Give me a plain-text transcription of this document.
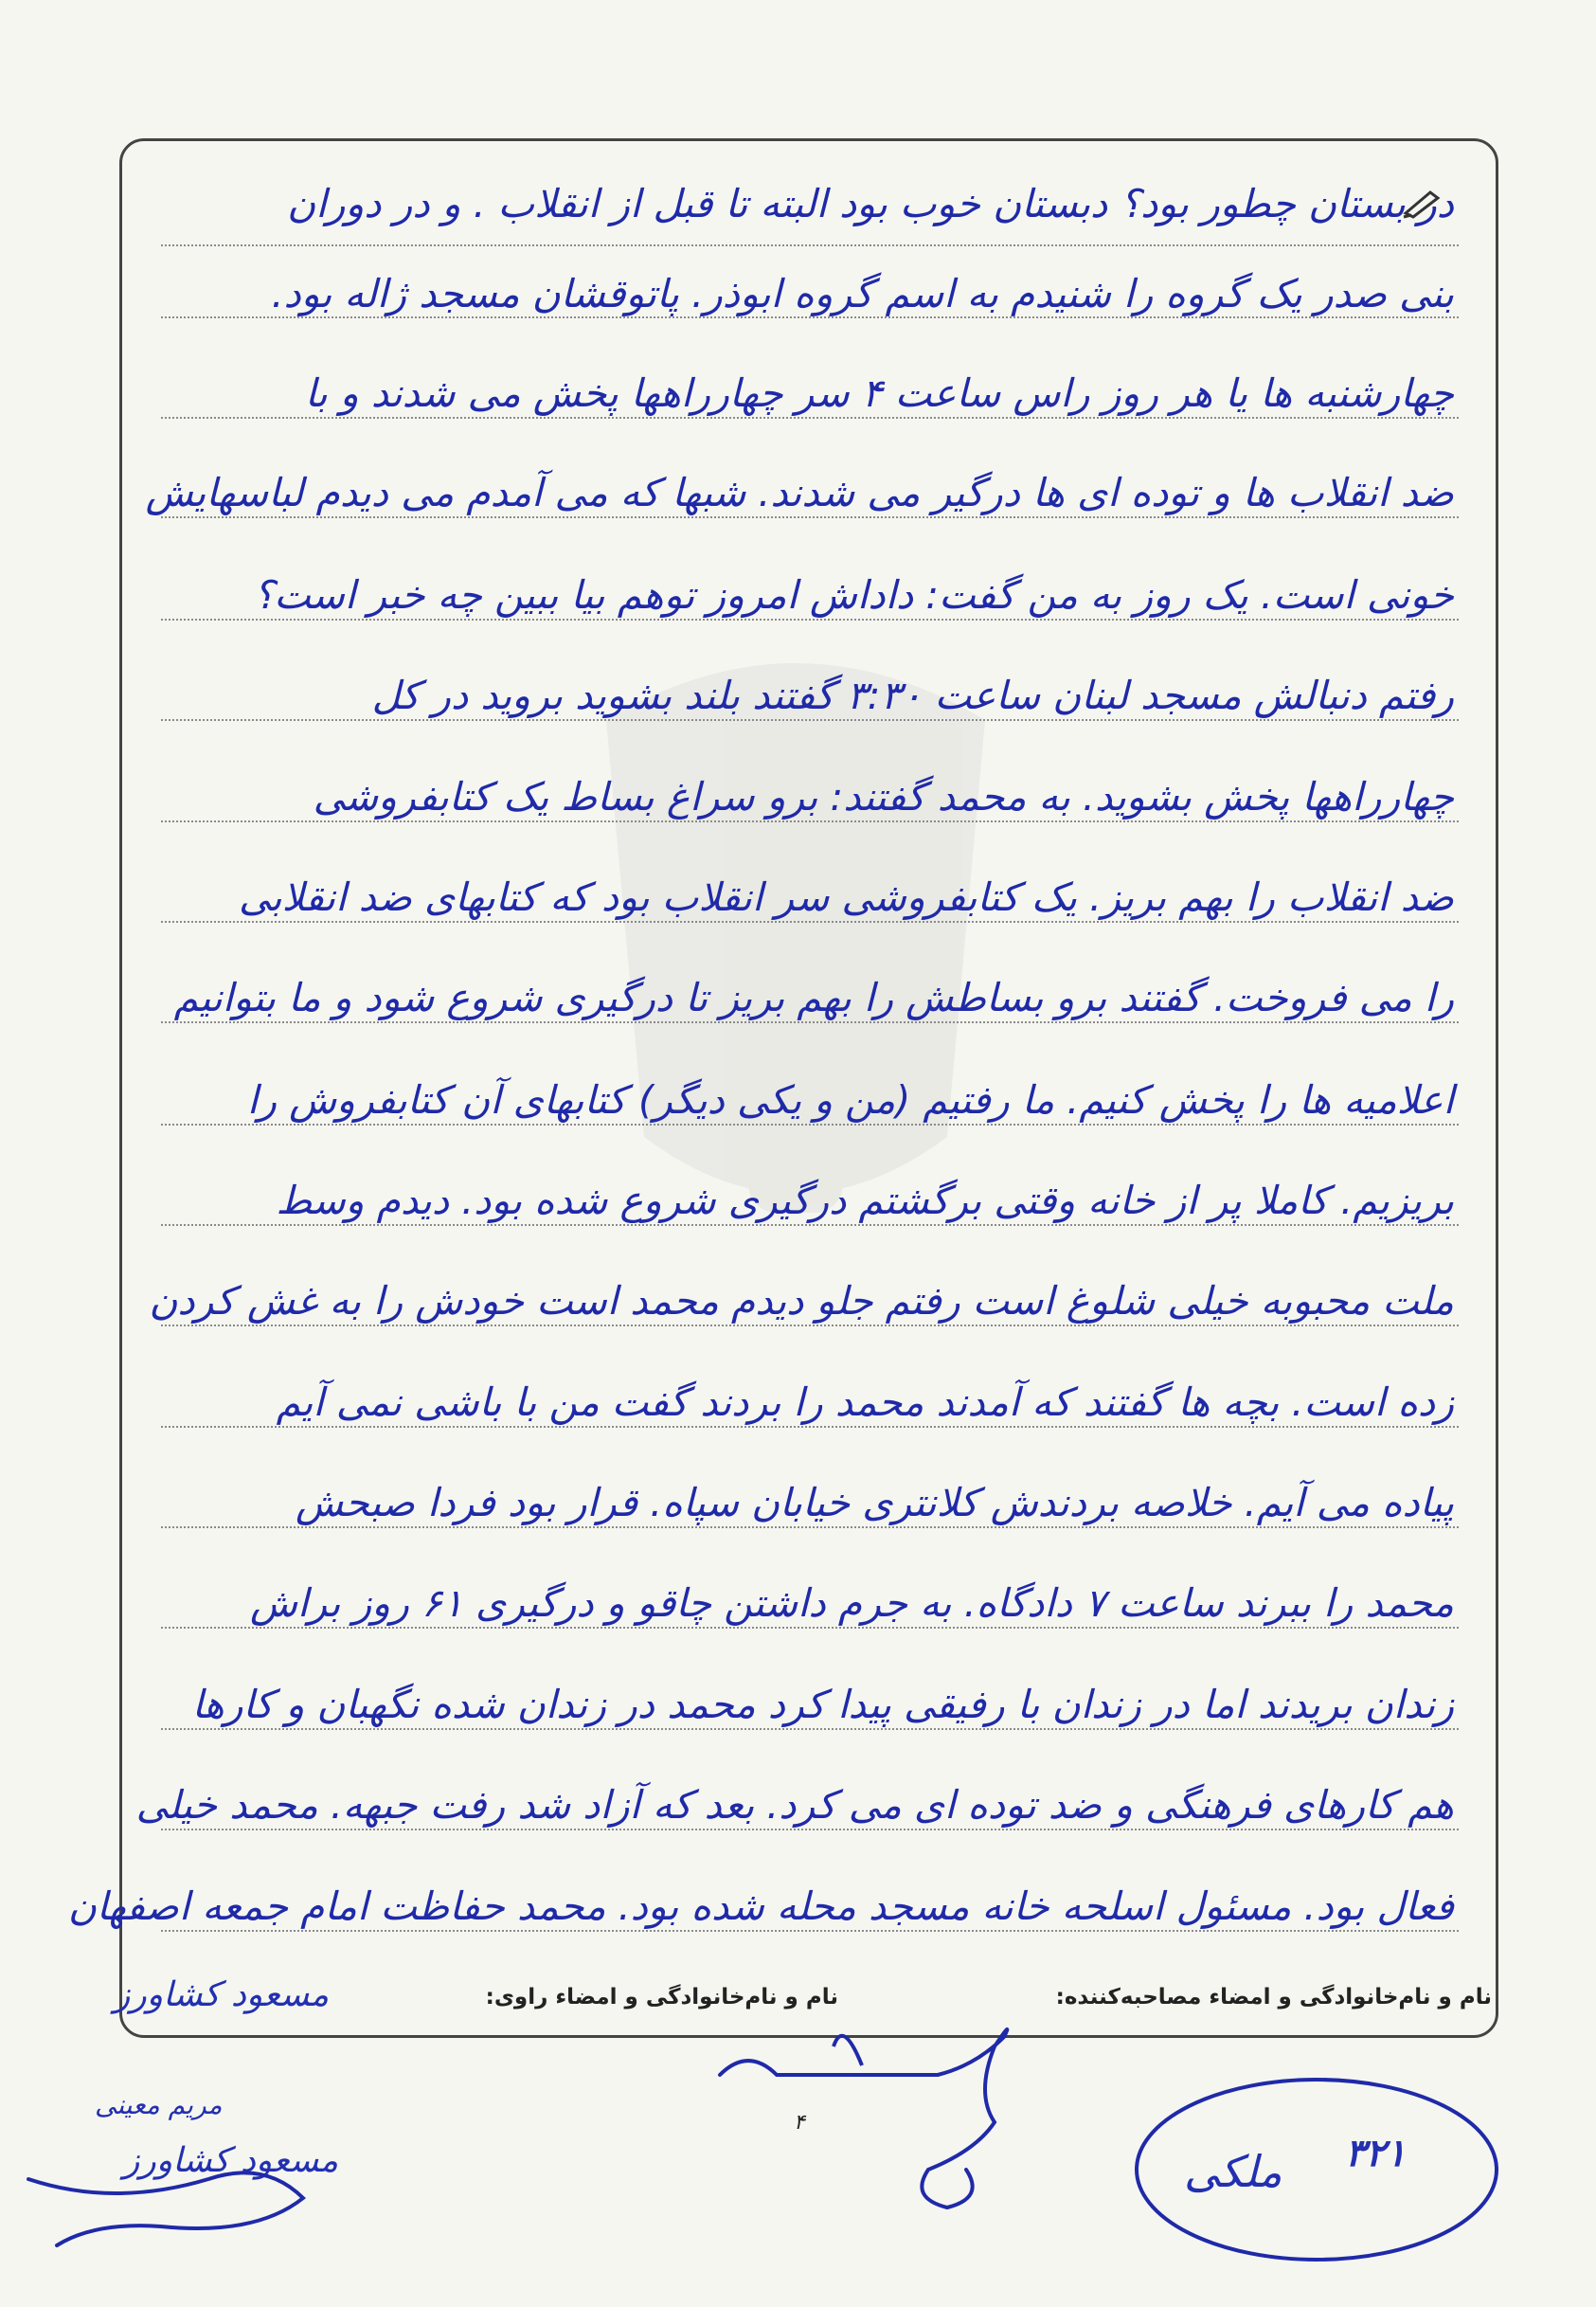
در بستان چطور بود؟ دبستان خوب بود البته تا قبل از انقلاب . و در دوران
بنی صدر یک گروه را شنیدم به اسم گروه ابوذر. پاتوقشان مسجد ژاله بود.
چهارشنبه ها یا هر روز راس ساعت ۴ سر چهارراهها پخش می شدند و با
ضد انقلاب ها و توده ای ها درگیر می شدند. شبها که می آمدم می دیدم لباسهایش
خونی است. یک روز به من گفت: داداش امروز توهم بیا ببین چه خبر است؟
رفتم دنبالش مسجد لبنان ساعت ۳:۳۰ گفتند بلند بشوید بروید در کل
چهارراهها پخش بشوید. به محمد گفتند: برو سراغ بساط یک کتابفروشی
ضد انقلاب را بهم بریز. یک کتابفروشی سر انقلاب بود که کتابهای ضد انقلابی
را می فروخت. گفتند برو بساطش را بهم بریز تا درگیری شروع شود و ما بتوانیم
اعلامیه ها را پخش کنیم. ما رفتیم (من و یکی دیگر) کتابهای آن کتابفروش را
بریزیم. کاملا پر از خانه وقتی برگشتم درگیری شروع شده بود. دیدم وسط
ملت محبوبه خیلی شلوغ است رفتم جلو دیدم محمد است خودش را به غش کردن
زده است. بچه ها گفتند که آمدند محمد را بردند گفت من با باشی نمی آیم
پیاده می آیم. خلاصه بردندش کلانتری خیابان سپاه. قرار بود فردا صبحش
محمد را ببرند ساعت ۷ دادگاه. به جرم داشتن چاقو و درگیری ۶۱ روز براش
زندان بریدند اما در زندان با رفیقی پیدا کرد محمد در زندان شده نگهبان و کارها
هم کارهای فرهنگی و ضد توده ای می کرد. بعد که آزاد شد رفت جبهه. محمد خیلی
فعال بود. مسئول اسلحه خانه مسجد محله شده بود. محمد حفاظت امام جمعه اصفهان
نام و نام‌خانوادگی و امضاء مصاحبه‌کننده:
نام و نام‌خانوادگی و امضاء راوی:
مسعود کشاورز
۴
مریم معینی
مسعود کشاورز	۳۲۱
ملکی
